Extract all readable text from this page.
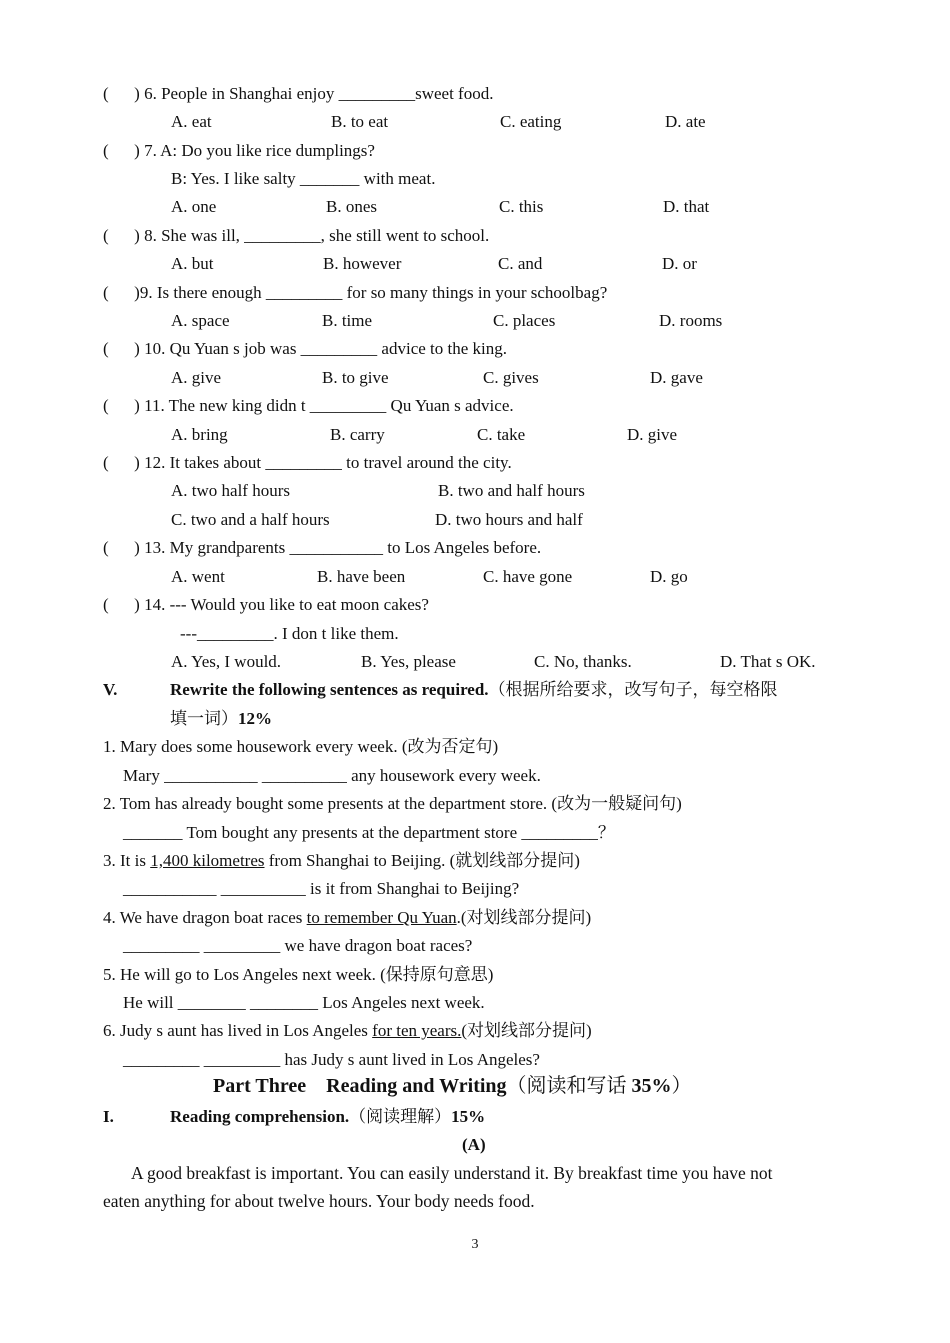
(      ) 6. People in Shanghai enjoy _________sweet food.
A. eat	B. to eat	C. eating	D. ate
(      ) 7. A: Do you like rice dumplings?
B: Yes. I like salty _______ with meat.
A. one	B. ones	C. this	D. that
(      ) 8. She was ill, _________, she still went to school.
A. but	B. however	C. and	D. or
(      )9. Is there enough _________ for so many things in your schoolbag?
A. space	B. time	C. places	D. rooms
(      ) 10. Qu Yuan s job was _________ advice to the king.
A. give	B. to give	C. gives	D. gave
(      ) 11. The new king didn t _________ Qu Yuan s advice.
A. bring	B. carry	C. take	D. give
(      ) 12. It takes about _________ to travel around the city.
A. two half hours	B. two and half hours
C. two and a half hours	D. two hours and half
(      ) 13. My grandparents ___________ to Los Angeles before.
A. went	B. have been	C. have gone	D. go
(      ) 14. --- Would you like to eat moon cakes?
---_________. I don t like them.
A. Yes, I would.	B. Yes, please	C. No, thanks.	D. That s OK.
V.	Rewrite the following sentences as required.（根据所给要求，改写句子，每空格限
填一词）12%
1. Mary does some housework every week. (改为否定句)
Mary ___________ __________ any housework every week.
2. Tom has already bought some presents at the department store. (改为一般疑问句)
_______ Tom bought any presents at the department store _________？
3. It is 1,400 kilometres from Shanghai to Beijing. (就划线部分提问)
___________ __________ is it from Shanghai to Beijing?
4. We have dragon boat races to remember Qu Yuan.(对划线部分提问)
_________ _________ we have dragon boat races?
5. He will go to Los Angeles next week. (保持原句意思)
He will ________ ________ Los Angeles next week.
6. Judy s aunt has lived in Los Angeles for ten years.(对划线部分提问)
_________ _________ has Judy s aunt lived in Los Angeles?
Part Three    Reading and Writing（阅读和写话 35%）
I.	Reading comprehension.（阅读理解）15%
(A)
A good breakfast is important. You can easily understand it. By breakfast time you have not
eaten anything for about twelve hours. Your body needs food.
3
